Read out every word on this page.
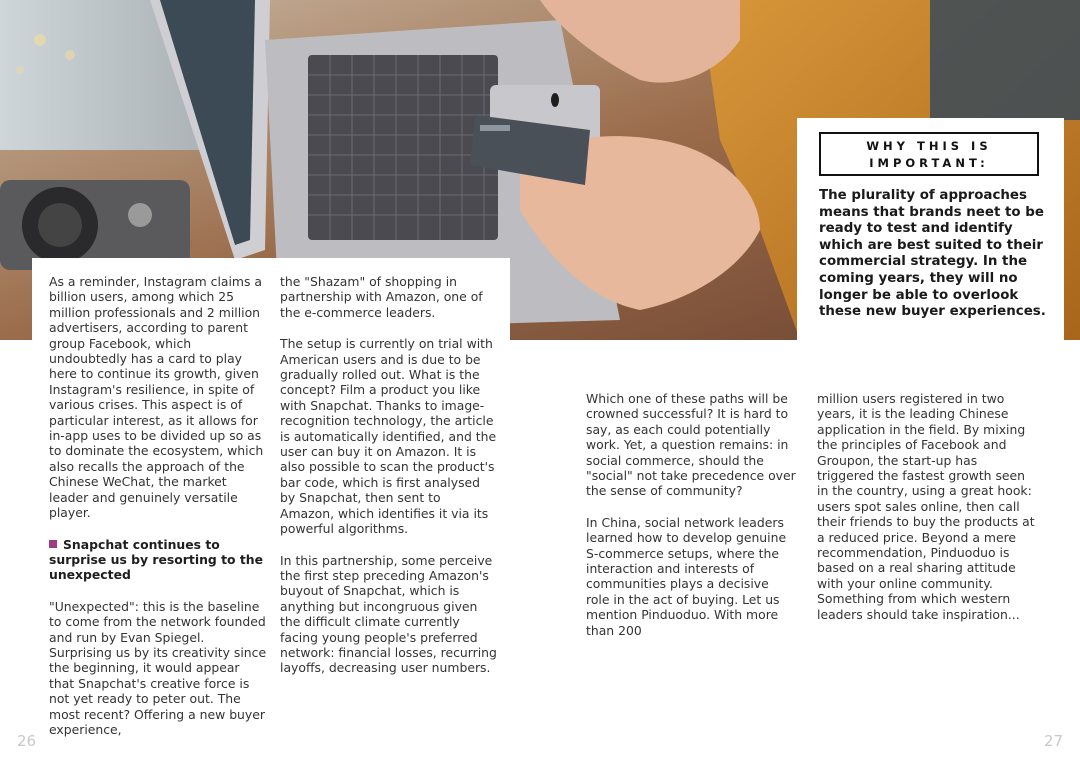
WHY THIS IS
IMPORTANT:
The plurality of approaches means that brands neet to be ready to test and identify which are best suited to their commercial strategy. In the coming years, they will no longer be able to overlook these new buyer experiences.

As a reminder, Instagram claims a billion users, among which 25 million professionals and 2 million advertisers, according to parent group Facebook, which undoubtedly has a card to play here to continue its growth, given Instagram's resilience, in spite of various crises. This aspect is of particular interest, as it allows for in-app uses to be divided up so as to dominate the ecosystem, which also recalls the approach of the Chinese WeChat, the market leader and genuinely versatile player.

Snapchat continues to surprise us by resorting to the unexpected

"Unexpected": this is the baseline to come from the network founded and run by Evan Spiegel. Surprising us by its creativity since the beginning, it would appear that Snapchat's creative force is not yet ready to peter out. The most recent? Offering a new buyer experience,

the "Shazam" of shopping in partnership with Amazon, one of the e-commerce leaders.

The setup is currently on trial with American users and is due to be gradually rolled out. What is the concept? Film a product you like with Snapchat. Thanks to image-recognition technology, the article is automatically identified, and the user can buy it on Amazon. It is also possible to scan the product's bar code, which is first analysed by Snapchat, then sent to Amazon, which identifies it via its powerful algorithms.

In this partnership, some perceive the first step preceding Amazon's buyout of Snapchat, which is anything but incongruous given the difficult climate currently facing young people's preferred network: financial losses, recurring layoffs, decreasing user numbers.

Which one of these paths will be crowned successful? It is hard to say, as each could potentially work. Yet, a question remains: in social commerce, should the "social" not take precedence over the sense of community?

In China, social network leaders learned how to develop genuine S-commerce setups, where the interaction and interests of communities plays a decisive role in the act of buying. Let us mention Pinduoduo. With more than 200

million users registered in two years, it is the leading Chinese application in the field. By mixing the principles of Facebook and Groupon, the start-up has triggered the fastest growth seen in the country, using a great hook: users spot sales online, then call their friends to buy the products at a reduced price. Beyond a mere recommendation, Pinduoduo is based on a real sharing attitude with your online community. Something from which western leaders should take inspiration...

26	27
